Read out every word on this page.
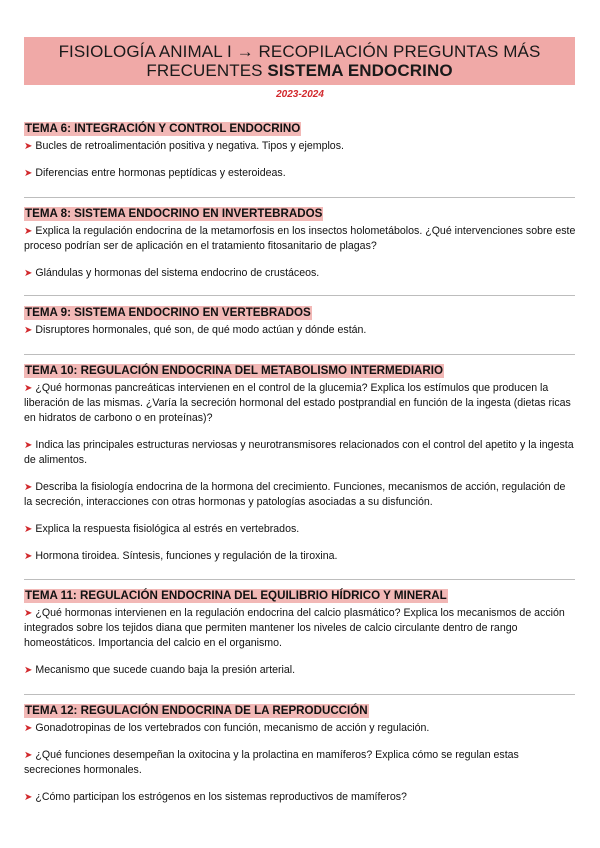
FISIOLOGÍA ANIMAL I → RECOPILACIÓN PREGUNTAS MÁS
FRECUENTES SISTEMA ENDOCRINO
2023-2024
TEMA 6: INTEGRACIÓN Y CONTROL ENDOCRINO
➤ Bucles de retroalimentación positiva y negativa. Tipos y ejemplos.
➤ Diferencias entre hormonas peptídicas y esteroideas.
TEMA 8: SISTEMA ENDOCRINO EN INVERTEBRADOS
➤ Explica la regulación endocrina de la metamorfosis en los insectos holometábolos. ¿Qué intervenciones sobre este proceso podrían ser de aplicación en el tratamiento fitosanitario de plagas?
➤ Glándulas y hormonas del sistema endocrino de crustáceos.
TEMA 9: SISTEMA ENDOCRINO EN VERTEBRADOS
➤ Disruptores hormonales, qué son, de qué modo actúan y dónde están.
TEMA 10: REGULACIÓN ENDOCRINA DEL METABOLISMO INTERMEDIARIO
➤ ¿Qué hormonas pancreáticas intervienen en el control de la glucemia? Explica los estímulos que producen la liberación de las mismas. ¿Varía la secreción hormonal del estado postprandial en función de la ingesta (dietas ricas en hidratos de carbono o en proteínas)?
➤ Indica las principales estructuras nerviosas y neurotransmisores relacionados con el control del apetito y la ingesta de alimentos.
➤ Describa la fisiología endocrina de la hormona del crecimiento. Funciones, mecanismos de acción, regulación de la secreción, interacciones con otras hormonas y patologías asociadas a su disfunción.
➤ Explica la respuesta fisiológica al estrés en vertebrados.
➤ Hormona tiroidea. Síntesis, funciones y regulación de la tiroxina.
TEMA 11: REGULACIÓN ENDOCRINA DEL EQUILIBRIO HÍDRICO Y MINERAL
➤ ¿Qué hormonas intervienen en la regulación endocrina del calcio plasmático? Explica los mecanismos de acción integrados sobre los tejidos diana que permiten mantener los niveles de calcio circulante dentro de rango homeostáticos. Importancia del calcio en el organismo.
➤ Mecanismo que sucede cuando baja la presión arterial.
TEMA 12: REGULACIÓN ENDOCRINA DE LA REPRODUCCIÓN
➤ Gonadotropinas de los vertebrados con función, mecanismo de acción y regulación.
➤ ¿Qué funciones desempeñan la oxitocina y la prolactina en mamíferos? Explica cómo se regulan estas secreciones hormonales.
➤ ¿Cómo participan los estrógenos en los sistemas reproductivos de mamíferos?
